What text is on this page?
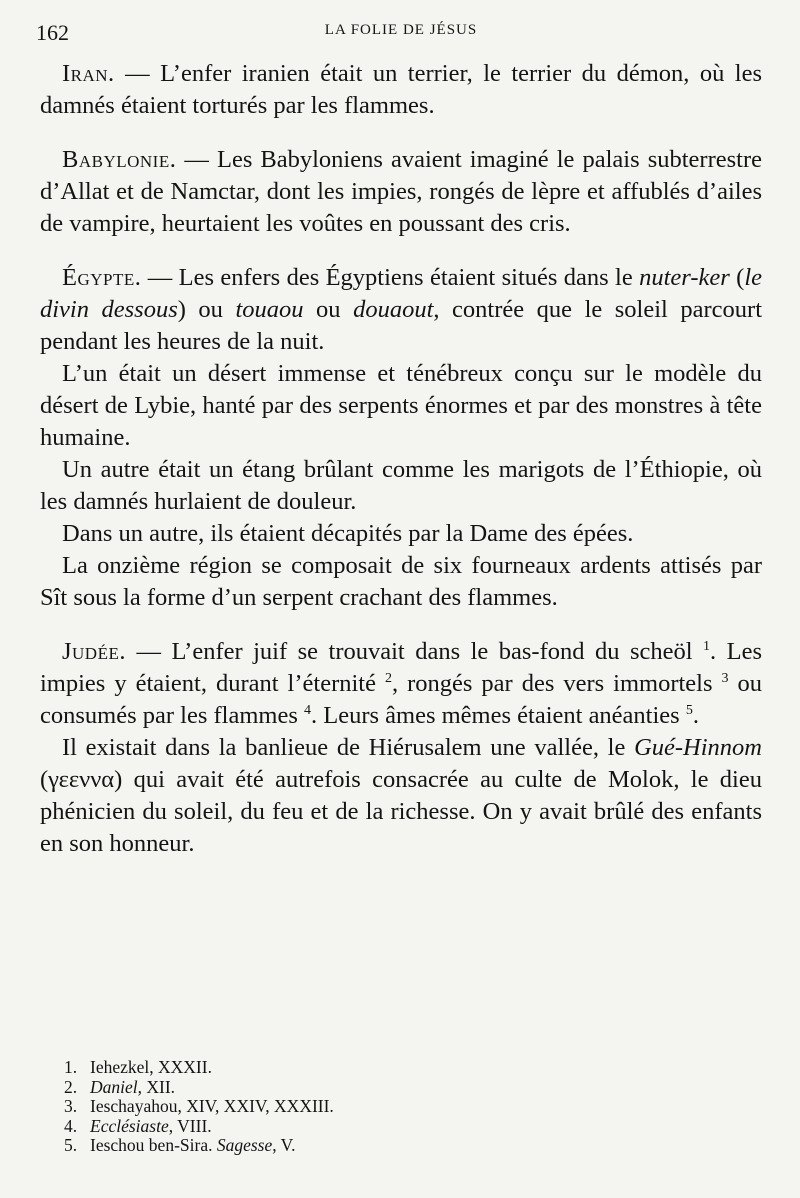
162	LA FOLIE DE JÉSUS

Iran. — L’enfer iranien était un terrier, le terrier du démon, où les damnés étaient torturés par les flammes.

Babylonie. — Les Babyloniens avaient imaginé le palais subterrestre d’Allat et de Namctar, dont les impies, rongés de lèpre et affublés d’ailes de vampire, heurtaient les voûtes en poussant des cris.

Égypte. — Les enfers des Égyptiens étaient situés dans le nuter-ker (le divin dessous) ou touaou ou douaout, contrée que le soleil parcourt pendant les heures de la nuit.

L’un était un désert immense et ténébreux conçu sur le modèle du désert de Lybie, hanté par des serpents énormes et par des monstres à tête humaine.

Un autre était un étang brûlant comme les marigots de l’Éthiopie, où les damnés hurlaient de douleur.

Dans un autre, ils étaient décapités par la Dame des épées.

La onzième région se composait de six fourneaux ardents attisés par Sît sous la forme d’un serpent crachant des flammes.

Judée. — L’enfer juif se trouvait dans le bas-fond du scheöl $^1$. Les impies y étaient, durant l’éternité $^2$, rongés par des vers immortels $^3$ ou consumés par les flammes $^4$. Leurs âmes mêmes étaient anéanties $^5$.

Il existait dans la banlieue de Hiérusalem une vallée, le Gué-Hinnom (γεεννα) qui avait été autrefois consacrée au culte de Molok, le dieu phénicien du soleil, du feu et de la richesse. On y avait brûlé des enfants en son honneur.

1. Iehezkel, XXXII.

2. Daniel, XII.

3. Ieschayahou, XIV, XXIV, XXXIII.

4. Ecclésiaste, VIII.

5. Ieschou ben-Sira. Sagesse, V.
